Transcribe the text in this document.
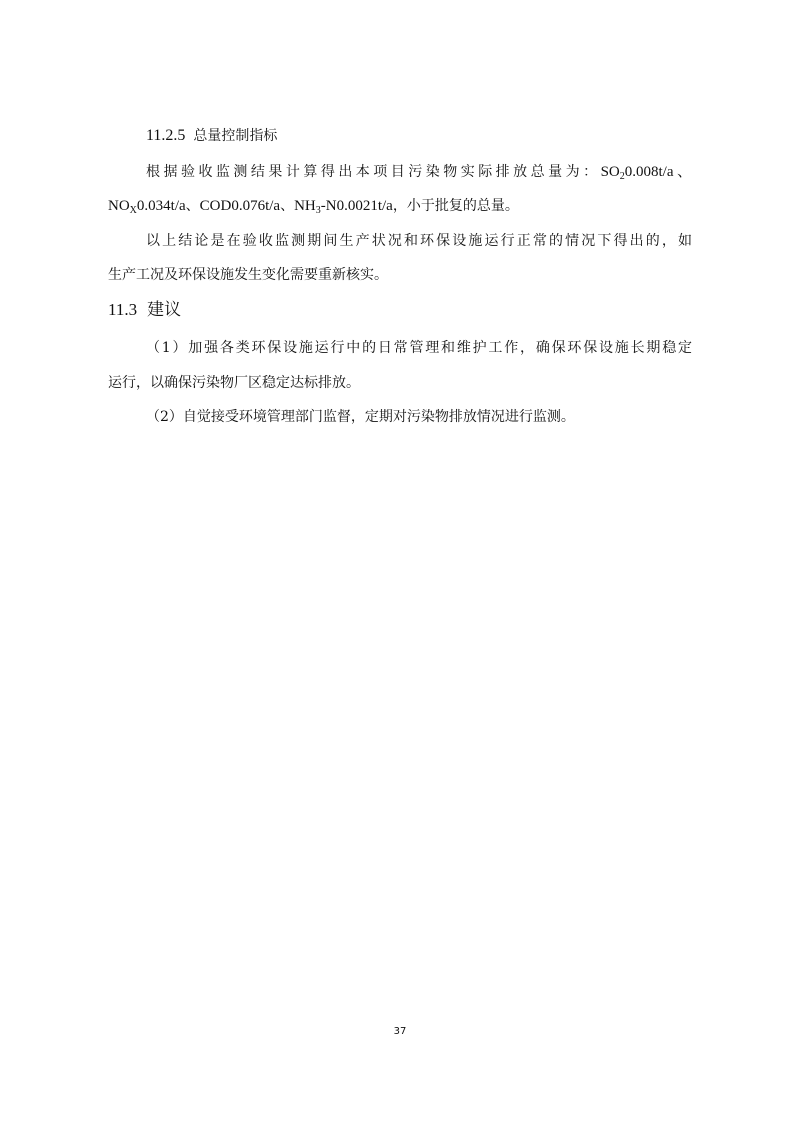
11.2.5 总量控制指标
根据验收监测结果计算得出本项目污染物实际排放总量为：$SO_20.008t/a$、
$NO_X0.034t/a$、COD0.076t/a、$NH_3-N0.0021t/a$，小于批复的总量。
以上结论是在验收监测期间生产状况和环保设施运行正常的情况下得出的，如
生产工况及环保设施发生变化需要重新核实。
11.3 建议
（1）加强各类环保设施运行中的日常管理和维护工作，确保环保设施长期稳定
运行，以确保污染物厂区稳定达标排放。
（2）自觉接受环境管理部门监督，定期对污染物排放情况进行监测。
37
